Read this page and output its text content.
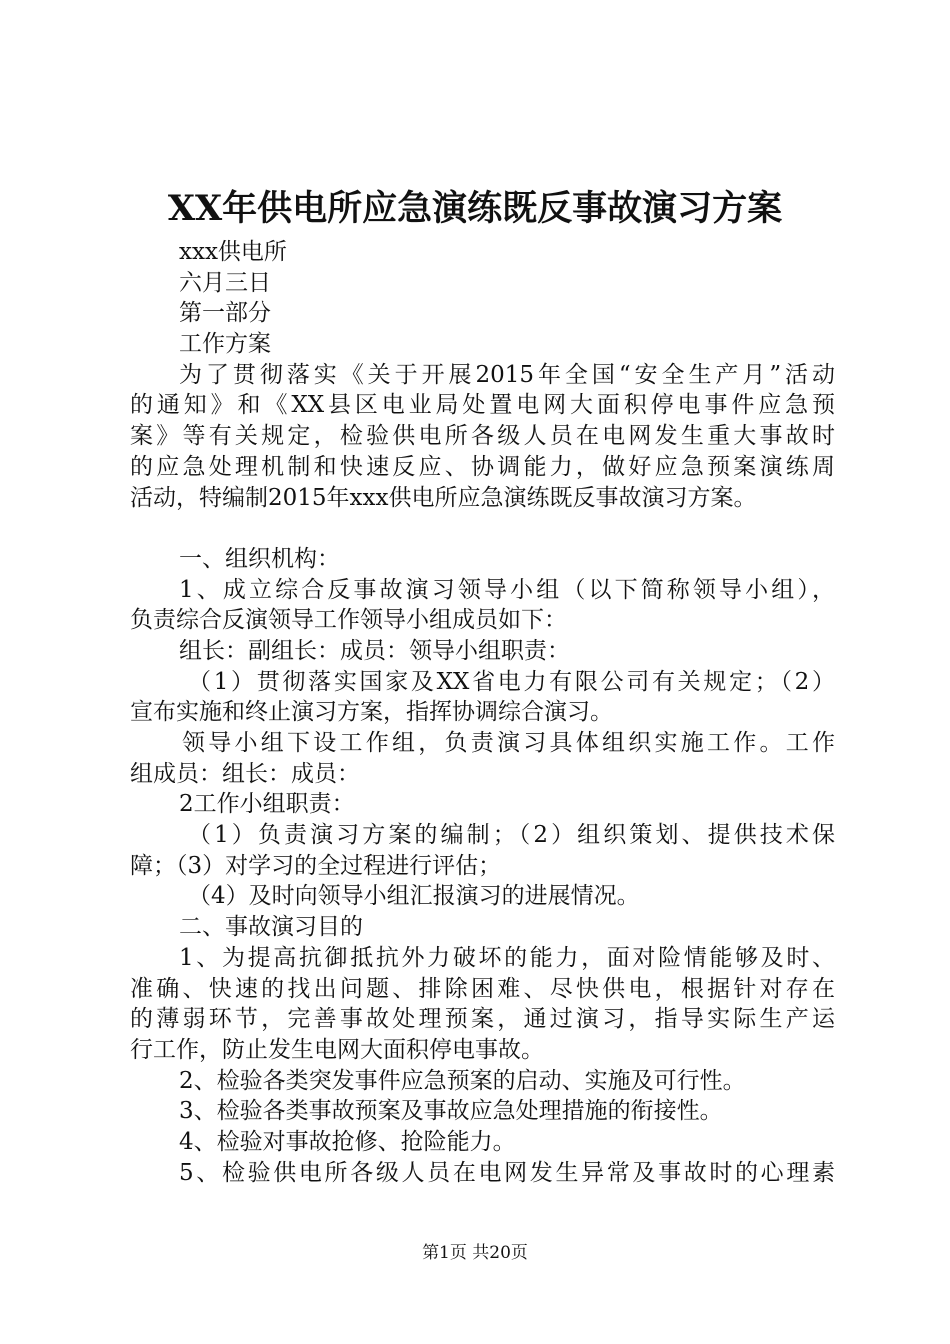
XX年供电所应急演练既反事故演习方案
xxx供电所
六月三日
第一部分
工作方案
为了贯彻落实《关于开展2015年全国“安全生产月”活动
的通知》和《XX县区电业局处置电网大面积停电事件应急预
案》等有关规定，检验供电所各级人员在电网发生重大事故时
的应急处理机制和快速反应、协调能力，做好应急预案演练周
活动，特编制2015年xxx供电所应急演练既反事故演习方案。
一、组织机构：
1、成立综合反事故演习领导小组（以下简称领导小组），
负责综合反演领导工作领导小组成员如下：
组长：副组长：成员：领导小组职责：
（1）贯彻落实国家及XX省电力有限公司有关规定；（2）
宣布实施和终止演习方案，指挥协调综合演习。
领导小组下设工作组，负责演习具体组织实施工作。工作
组成员：组长：成员：
2工作小组职责：
（1）负责演习方案的编制；（2）组织策划、提供技术保
障；（3）对学习的全过程进行评估；
（4）及时向领导小组汇报演习的进展情况。
二、事故演习目的
1、为提高抗御抵抗外力破坏的能力，面对险情能够及时、
准确、快速的找出问题、排除困难、尽快供电，根据针对存在
的薄弱环节，完善事故处理预案，通过演习，指导实际生产运
行工作，防止发生电网大面积停电事故。
2、检验各类突发事件应急预案的启动、实施及可行性。
3、检验各类事故预案及事故应急处理措施的衔接性。
4、检验对事故抢修、抢险能力。
5、检验供电所各级人员在电网发生异常及事故时的心理素
第1页 共20页
